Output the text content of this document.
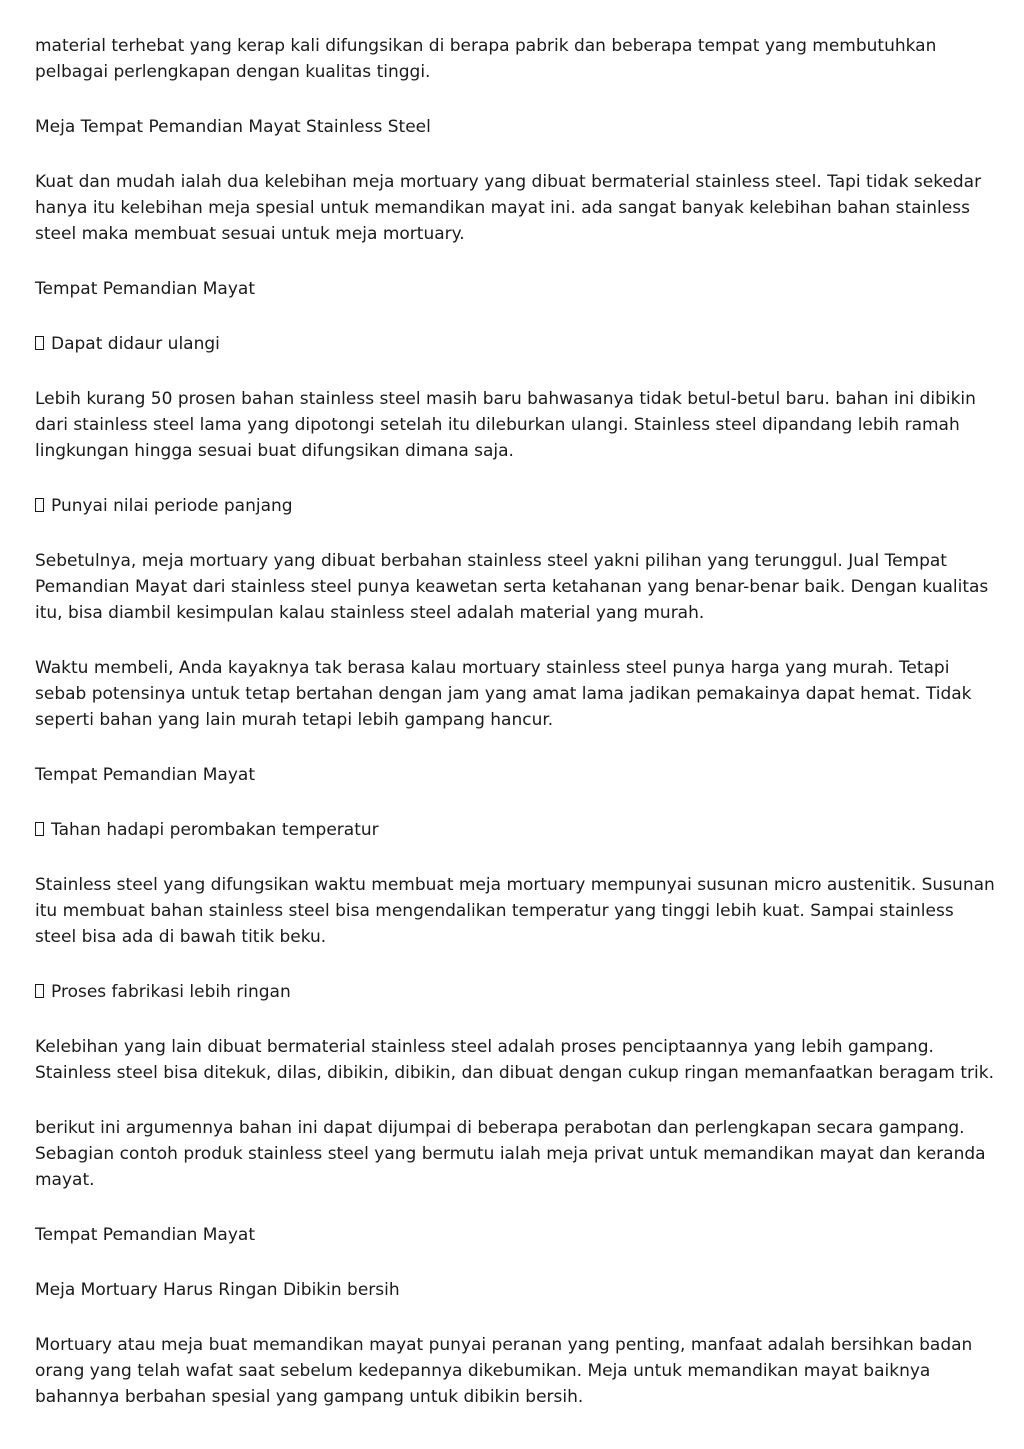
material terhebat yang kerap kali difungsikan di berapa pabrik dan beberapa tempat yang membutuhkan pelbagai perlengkapan dengan kualitas tinggi.

Meja Tempat Pemandian Mayat Stainless Steel

Kuat dan mudah ialah dua kelebihan meja mortuary yang dibuat bermaterial stainless steel. Tapi tidak sekedar hanya itu kelebihan meja spesial untuk memandikan mayat ini. ada sangat banyak kelebihan bahan stainless steel maka membuat sesuai untuk meja mortuary.

Tempat Pemandian Mayat

Dapat didaur ulangi

Lebih kurang 50 prosen bahan stainless steel masih baru bahwasanya tidak betul-betul baru. bahan ini dibikin dari stainless steel lama yang dipotongi setelah itu dileburkan ulangi. Stainless steel dipandang lebih ramah lingkungan hingga sesuai buat difungsikan dimana saja.

Punyai nilai periode panjang

Sebetulnya, meja mortuary yang dibuat berbahan stainless steel yakni pilihan yang terunggul. Jual Tempat Pemandian Mayat dari stainless steel punya keawetan serta ketahanan yang benar-benar baik. Dengan kualitas itu, bisa diambil kesimpulan kalau stainless steel adalah material yang murah.

Waktu membeli, Anda kayaknya tak berasa kalau mortuary stainless steel punya harga yang murah. Tetapi sebab potensinya untuk tetap bertahan dengan jam yang amat lama jadikan pemakainya dapat hemat. Tidak seperti bahan yang lain murah tetapi lebih gampang hancur.

Tempat Pemandian Mayat

Tahan hadapi perombakan temperatur

Stainless steel yang difungsikan waktu membuat meja mortuary mempunyai susunan micro austenitik. Susunan itu membuat bahan stainless steel bisa mengendalikan temperatur yang tinggi lebih kuat. Sampai stainless steel bisa ada di bawah titik beku.

Proses fabrikasi lebih ringan

Kelebihan yang lain dibuat bermaterial stainless steel adalah proses penciptaannya yang lebih gampang. Stainless steel bisa ditekuk, dilas, dibikin, dibikin, dan dibuat dengan cukup ringan memanfaatkan beragam trik.

berikut ini argumennya bahan ini dapat dijumpai di beberapa perabotan dan perlengkapan secara gampang. Sebagian contoh produk stainless steel yang bermutu ialah meja privat untuk memandikan mayat dan keranda mayat.

Tempat Pemandian Mayat

Meja Mortuary Harus Ringan Dibikin bersih

Mortuary atau meja buat memandikan mayat punyai peranan yang penting, manfaat adalah bersihkan badan orang yang telah wafat saat sebelum kedepannya dikebumikan. Meja untuk memandikan mayat baiknya bahannya berbahan spesial yang gampang untuk dibikin bersih.
